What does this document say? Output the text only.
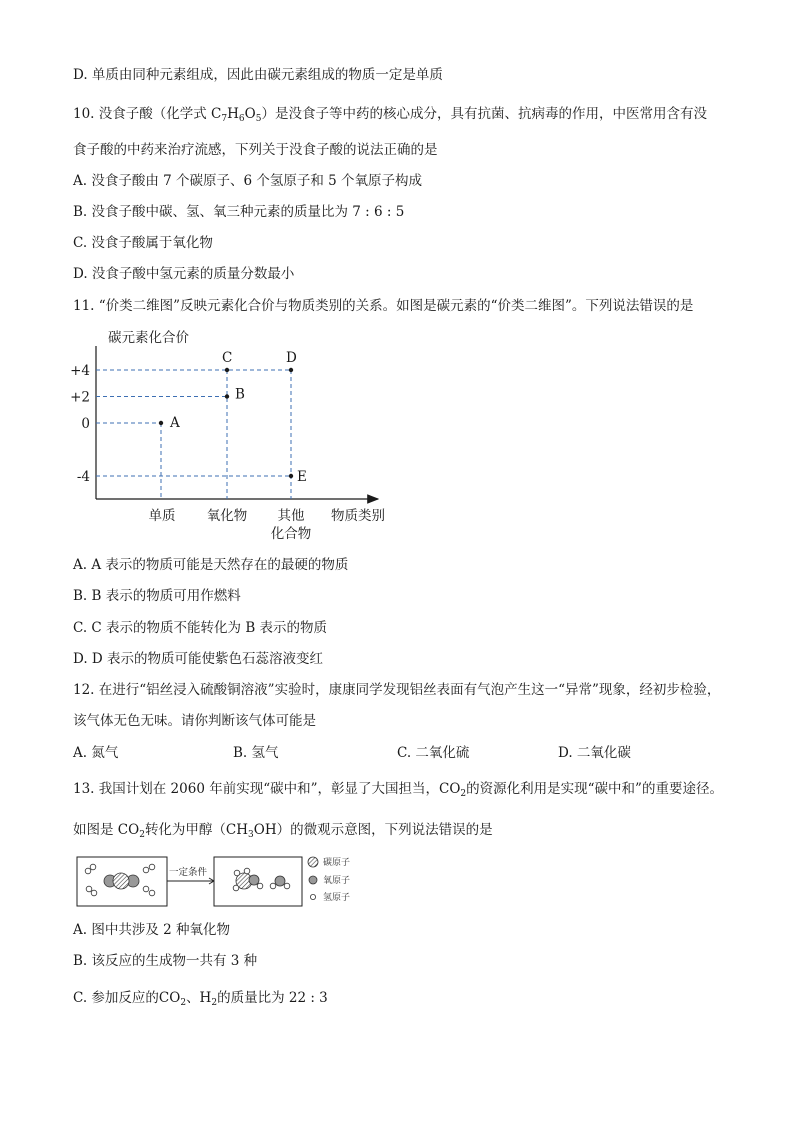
D. 单质由同种元素组成，因此由碳元素组成的物质一定是单质
10. 没食子酸（化学式 $C_7H_6O_5$）是没食子等中药的核心成分，具有抗菌、抗病毒的作用，中医常用含有没
食子酸的中药来治疗流感，下列关于没食子酸的说法正确的是
A. 没食子酸由 7 个碳原子、6 个氢原子和 5 个氧原子构成
B. 没食子酸中碳、氢、氧三种元素的质量比为 7 : 6 : 5
C. 没食子酸属于氧化物
D. 没食子酸中氢元素的质量分数最小
11. “价类二维图”反映元素化合价与物质类别的关系。如图是碳元素的“价类二维图”。下列说法错误的是
碳元素化合价
物质类别
+4
+2
0
-4
单质 氧化物 其他
化合物
A
B
C	D
E
A. A 表示的物质可能是天然存在的最硬的物质
B. B 表示的物质可用作燃料
C. C 表示的物质不能转化为 B 表示的物质
D. D 表示的物质可能使紫色石蕊溶液变红
12. 在进行“铝丝浸入硫酸铜溶液”实验时，康康同学发现铝丝表面有气泡产生这一“异常”现象，经初步检验，
该气体无色无味。请你判断该气体可能是
A. 氮气	B. 氢气	C. 二氧化硫	D. 二氧化碳
13. 我国计划在 2060 年前实现“碳中和”，彰显了大国担当，$CO_2$的资源化利用是实现“碳中和”的重要途径。
如图是 $CO_2$转化为甲醇$(CH_3OH)$的微观示意图，下列说法错误的是
一定条件
碳原子
氧原子
氢原子
A. 图中共涉及 2 种氧化物
B. 该反应的生成物一共有 3 种
C. 参加反应的$CO_2$、$H_2$的质量比为 22 : 3
